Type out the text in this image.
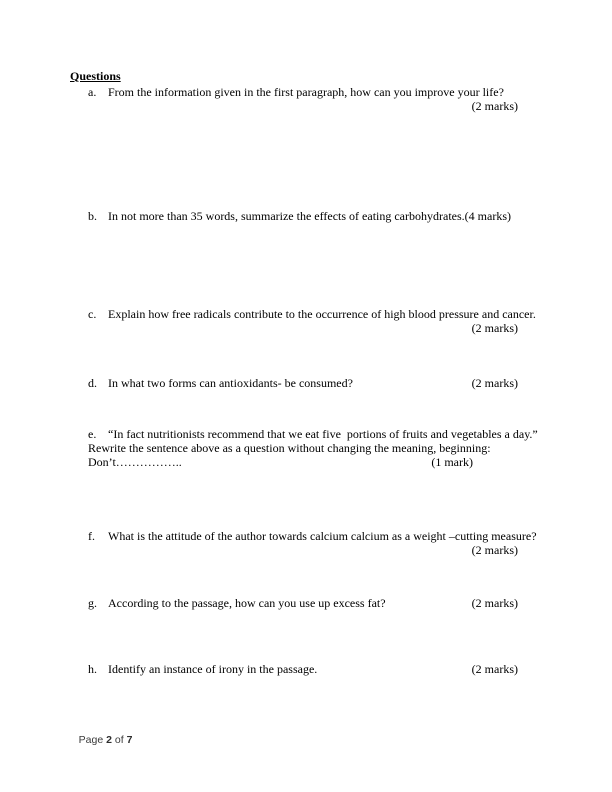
Questions
a. From the information given in the first paragraph, how can you improve your life?
(2 marks)
b. In not more than 35 words, summarize the effects of eating carbohydrates. (4 marks)
c. Explain how free radicals contribute to the occurrence of high blood pressure and cancer.
(2 marks)
d. In what two forms can antioxidants- be consumed?	(2 marks)
e. “In fact nutritionists recommend that we eat five  portions of fruits and vegetables a day.”
Rewrite the sentence above as a question without changing the meaning, beginning:
Don’t……………..	(1 mark)
f.	What is the attitude of the author towards calcium calcium as a weight –cutting measure?
(2 marks)
g. According to the passage, how can you use up excess fat?	(2 marks)
h. Identify an instance of irony in the passage.	(2 marks)

Page 2 of 7
